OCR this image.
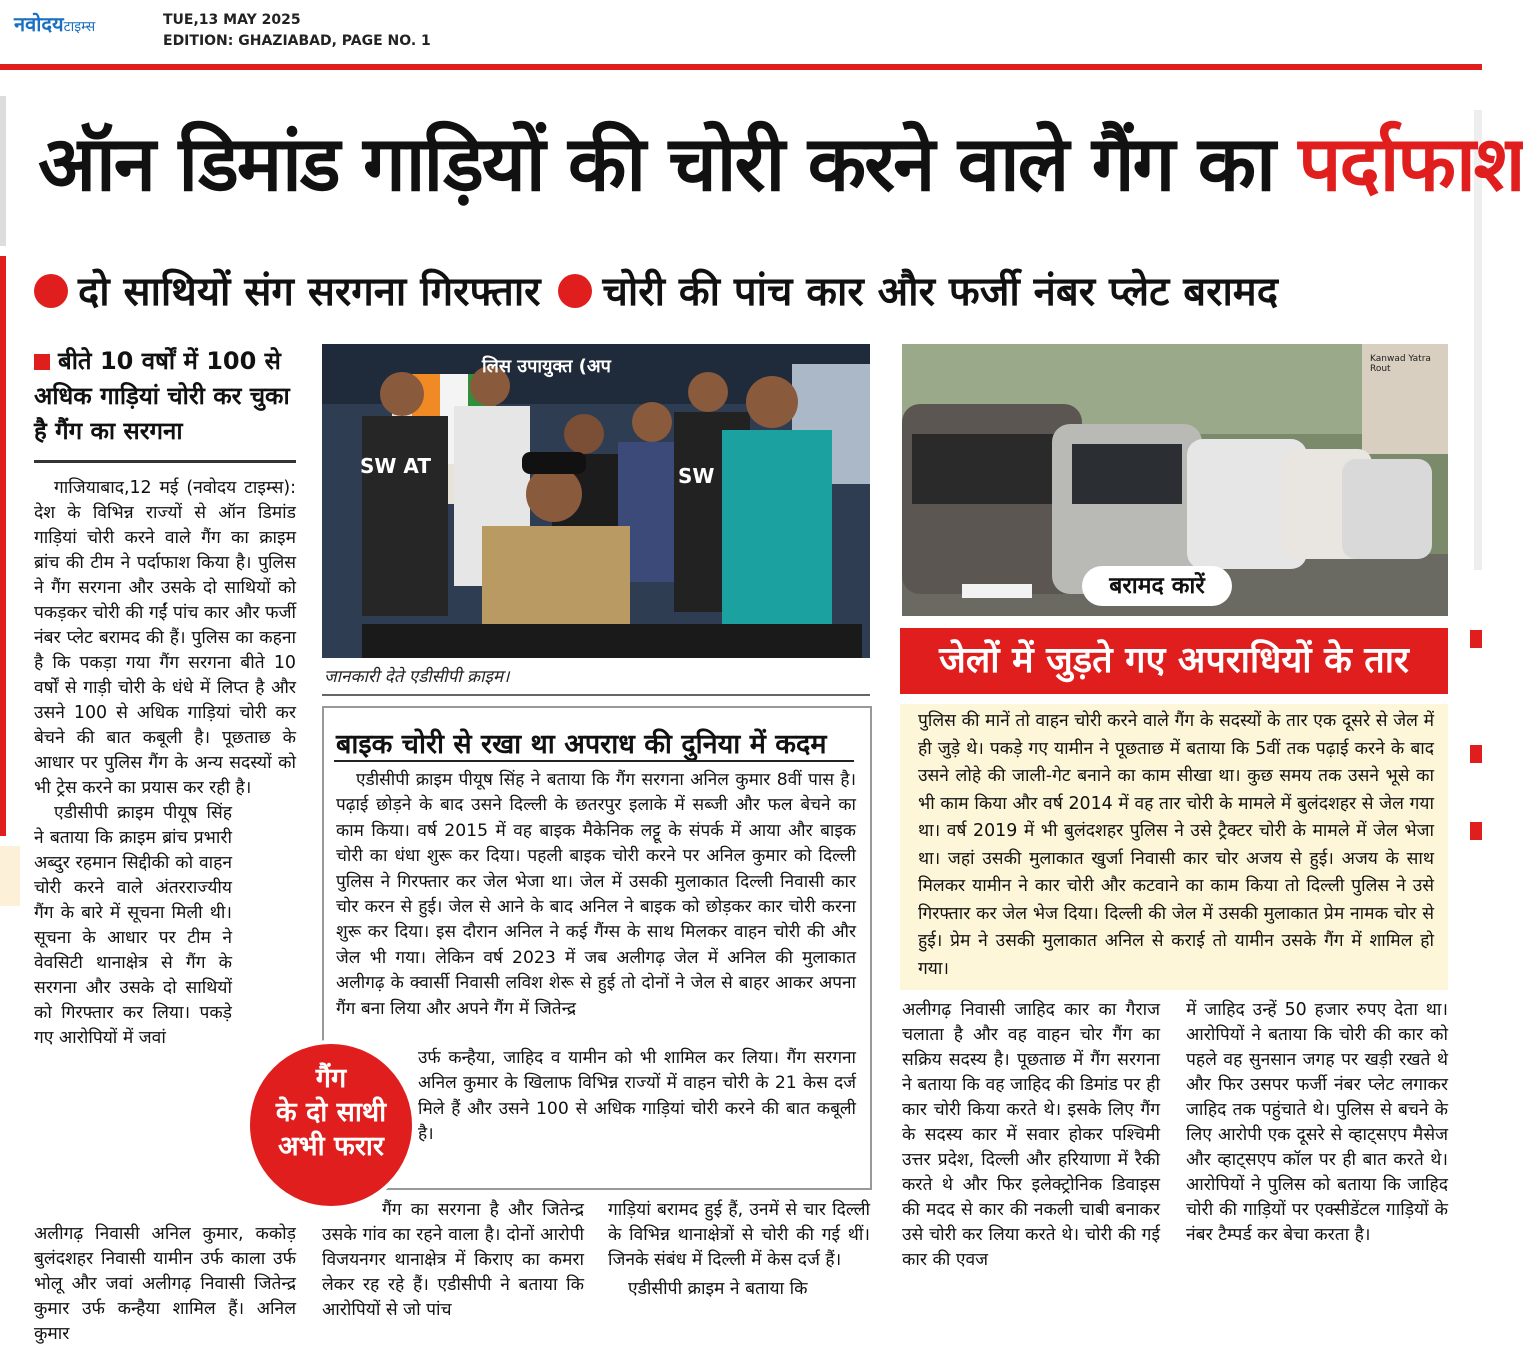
नवोदयटाइम्स	TUE,13 MAY 2025
EDITION: GHAZIABAD, PAGE NO. 1
ऑन डिमांड गाड़ियों की चोरी करने वाले गैंग का पर्दाफाश
दो साथियों संग सरगना गिरफ्तार चोरी की पांच कार और फर्जी नंबर प्लेट बरामद
बीते 10 वर्षों में 100 से अधिक गाड़ियां चोरी कर चुका है गैंग का सरगना

गाजियाबाद,12 मई (नवोदय टाइम्स): देश के विभिन्न राज्यों से ऑन डिमांड गाड़ियां चोरी करने वाले गैंग का क्राइम ब्रांच की टीम ने पर्दाफाश किया है। पुलिस ने गैंग सरगना और उसके दो साथियों को पकड़कर चोरी की गईं पांच कार और फर्जी नंबर प्लेट बरामद की हैं। पुलिस का कहना है कि पकड़ा गया गैंग सरगना बीते 10 वर्षों से गाड़ी चोरी के धंधे में लिप्त है और उसने 100 से अधिक गाड़ियां चोरी कर बेचने की बात कबूली है। पूछताछ के आधार पर पुलिस गैंग के अन्य सदस्यों को भी ट्रेस करने का प्रयास कर रही है।

एडीसीपी क्राइम पीयूष सिंह ने बताया कि क्राइम ब्रांच प्रभारी अब्दुर रहमान सिद्दीकी को वाहन चोरी करने वाले अंतरराज्यीय गैंग के बारे में सूचना मिली थी। सूचना के आधार पर टीम ने वेवसिटी थानाक्षेत्र से गैंग के सरगना और उसके दो साथियों को गिरफ्तार कर लिया। पकड़े गए आरोपियों में जवां

अलीगढ़ निवासी अनिल कुमार, ककोड़ बुलंदशहर निवासी यामीन उर्फ काला उर्फ भोलू और जवां अलीगढ़ निवासी जितेन्द्र कुमार उर्फ कन्हैया शामिल हैं। अनिल कुमार

लिस उपायुक्त (अप
SW AT	SW
जानकारी देते एडीसीपी क्राइम।
बाइक चोरी से रखा था अपराध की दुनिया में कदम

एडीसीपी क्राइम पीयूष सिंह ने बताया कि गैंग सरगना अनिल कुमार 8वीं पास है। पढ़ाई छोड़ने के बाद उसने दिल्ली के छतरपुर इलाके में सब्जी और फल बेचने का काम किया। वर्ष 2015 में वह बाइक मैकेनिक लट्टू के संपर्क में आया और बाइक चोरी का धंधा शुरू कर दिया। पहली बाइक चोरी करने पर अनिल कुमार को दिल्ली पुलिस ने गिरफ्तार कर जेल भेजा था। जेल में उसकी मुलाकात दिल्ली निवासी कार चोर करन से हुई। जेल से आने के बाद अनिल ने बाइक को छोड़कर कार चोरी करना शुरू कर दिया। इस दौरान अनिल ने कई गैंग्स के साथ मिलकर वाहन चोरी की और जेल भी गया। लेकिन वर्ष 2023 में जब अलीगढ़ जेल में अनिल की मुलाकात अलीगढ़ के क्वार्सी निवासी लविश शेरू से हुई तो दोनों ने जेल से बाहर आकर अपना गैंग बना लिया और अपने गैंग में जितेन्द्र

उर्फ कन्हैया, जाहिद व यामीन को भी शामिल कर लिया। गैंग सरगना अनिल कुमार के खिलाफ विभिन्न राज्यों में वाहन चोरी के 21 केस दर्ज मिले हैं और उसने 100 से अधिक गाड़ियां चोरी करने की बात कबूली है।

गैंग
के दो साथी
अभी फरार

गैंग का सरगना है और जितेन्द्र उसके गांव का रहने वाला है। दोनों आरोपी विजयनगर थानाक्षेत्र में किराए का कमरा लेकर रह रहे हैं। एडीसीपी ने बताया कि आरोपियों से जो पांच

गाड़ियां बरामद हुई हैं, उनमें से चार दिल्ली के विभिन्न थानाक्षेत्रों से चोरी की गई थीं। जिनके संबंध में दिल्ली में केस दर्ज हैं।

एडीसीपी क्राइम ने बताया कि

Kanwad Yatra Rout
बरामद कारें
जेलों में जुड़ते गए अपराधियों के तार
पुलिस की मानें तो वाहन चोरी करने वाले गैंग के सदस्यों के तार एक दूसरे से जेल में ही जुड़े थे। पकड़े गए यामीन ने पूछताछ में बताया कि 5वीं तक पढ़ाई करने के बाद उसने लोहे की जाली-गेट बनाने का काम सीखा था। कुछ समय तक उसने भूसे का भी काम किया और वर्ष 2014 में वह तार चोरी के मामले में बुलंदशहर से जेल गया था। वर्ष 2019 में भी बुलंदशहर पुलिस ने उसे ट्रैक्टर चोरी के मामले में जेल भेजा था। जहां उसकी मुलाकात खुर्जा निवासी कार चोर अजय से हुई। अजय के साथ मिलकर यामीन ने कार चोरी और कटवाने का काम किया तो दिल्ली पुलिस ने उसे गिरफ्तार कर जेल भेज दिया। दिल्ली की जेल में उसकी मुलाकात प्रेम नामक चोर से हुई। प्रेम ने उसकी मुलाकात अनिल से कराई तो यामीन उसके गैंग में शामिल हो गया।

अलीगढ़ निवासी जाहिद कार का गैराज चलाता है और वह वाहन चोर गैंग का सक्रिय सदस्य है। पूछताछ में गैंग सरगना ने बताया कि वह जाहिद की डिमांड पर ही कार चोरी किया करते थे। इसके लिए गैंग के सदस्य कार में सवार होकर पश्चिमी उत्तर प्रदेश, दिल्ली और हरियाणा में रैकी करते थे और फिर इलेक्ट्रोनिक डिवाइस की मदद से कार की नकली चाबी बनाकर उसे चोरी कर लिया करते थे। चोरी की गई कार की एवज

में जाहिद उन्हें 50 हजार रुपए देता था। आरोपियों ने बताया कि चोरी की कार को पहले वह सुनसान जगह पर खड़ी रखते थे और फिर उसपर फर्जी नंबर प्लेट लगाकर जाहिद तक पहुंचाते थे। पुलिस से बचने के लिए आरोपी एक दूसरे से व्हाट्सएप मैसेज और व्हाट्सएप कॉल पर ही बात करते थे। आरोपियों ने पुलिस को बताया कि जाहिद चोरी की गाड़ियों पर एक्सीडेंटल गाड़ियों के नंबर टैम्पर्ड कर बेचा करता है।
